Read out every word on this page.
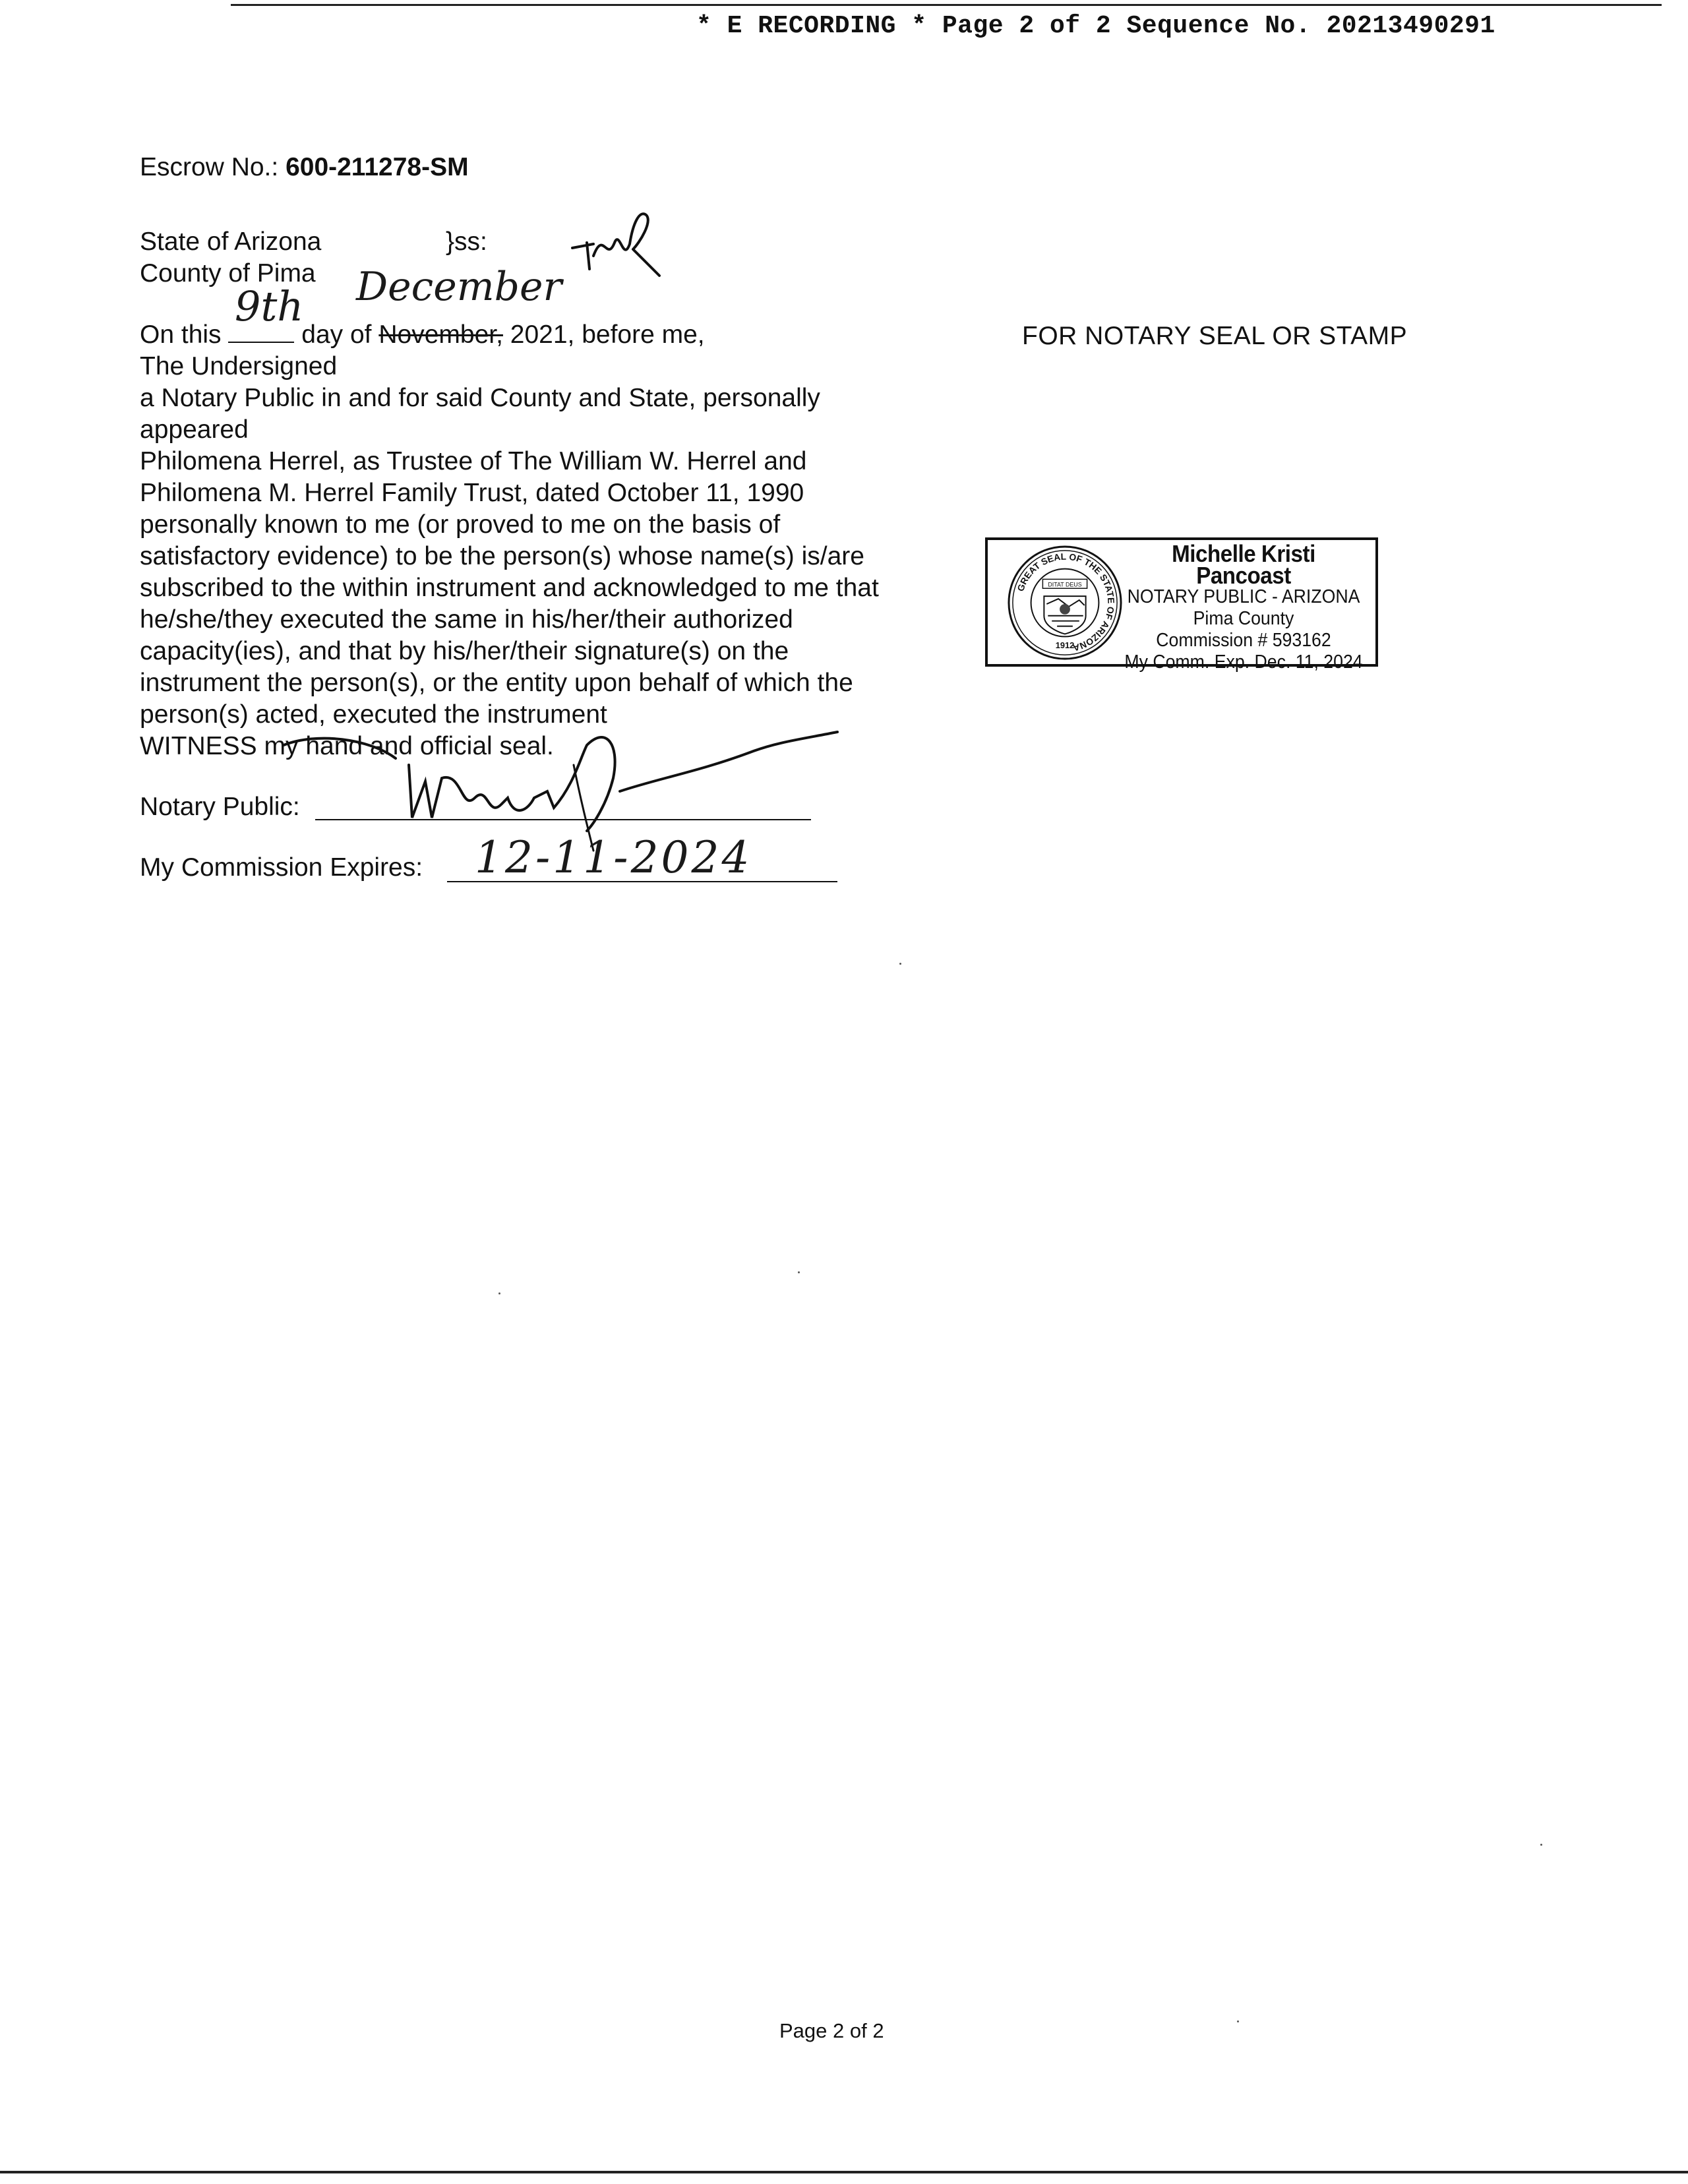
* E RECORDING * Page 2 of 2 Sequence No. 20213490291
Escrow No.: 600-211278-SM
State of Arizona	}ss:
County of Pima
On this	day of November, 2021, before me,
9th December
The Undersigned
a Notary Public in and for said County and State, personally
appeared
Philomena Herrel, as Trustee of The William W. Herrel and
Philomena M. Herrel Family Trust, dated October 11, 1990
personally known to me (or proved to me on the basis of
satisfactory evidence) to be the person(s) whose name(s) is/are
subscribed to the within instrument and acknowledged to me that
he/she/they executed the same in his/her/their authorized
capacity(ies), and that by his/her/their signature(s) on the
instrument the person(s), or the entity upon behalf of which the
person(s) acted, executed the instrument
WITNESS my hand and official seal.
Notary Public:
My Commission Expires: 12-11-2024
FOR NOTARY SEAL OR STAMP
GREAT SEAL OF THE STATE OF ARIZONA
1912
DITAT DEUS
Michelle Kristi Pancoast
NOTARY PUBLIC - ARIZONA
Pima County
Commission # 593162
My Comm. Exp. Dec. 11, 2024
Page 2 of 2
